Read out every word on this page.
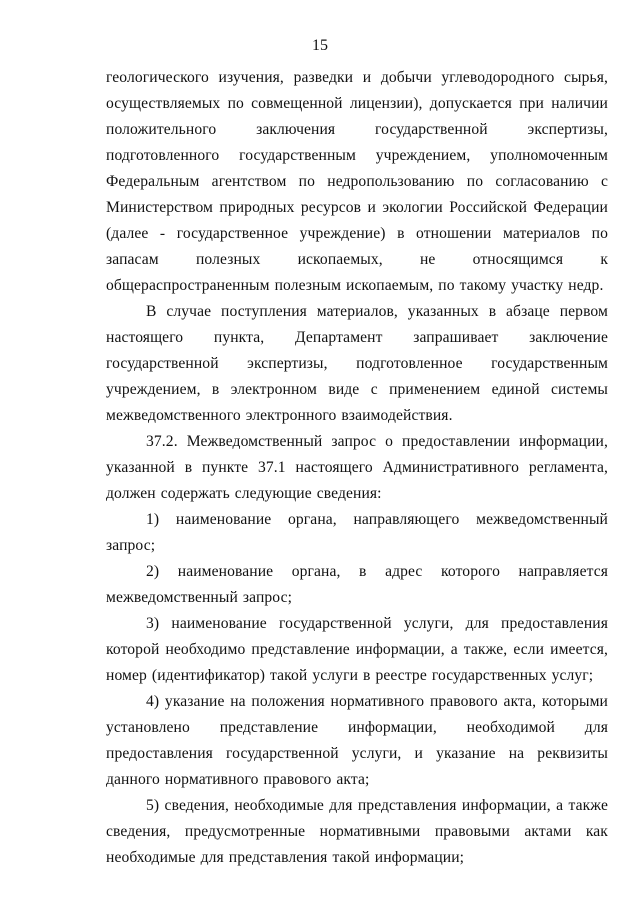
15

геологического изучения, разведки и добычи углеводородного сырья, осуществляемых по совмещенной лицензии), допускается при наличии положительного заключения государственной экспертизы, подготовленного государственным учреждением, уполномоченным Федеральным агентством по недропользованию по согласованию с Министерством природных ресурсов и экологии Российской Федерации (далее - государственное учреждение) в отношении материалов по запасам полезных ископаемых, не относящимся к общераспространенным полезным ископаемым, по такому участку недр.

В случае поступления материалов, указанных в абзаце первом настоящего пункта, Департамент запрашивает заключение государственной экспертизы, подготовленное государственным учреждением, в электронном виде с применением единой системы межведомственного электронного взаимодействия.

37.2. Межведомственный запрос о предоставлении информации, указанной в пункте 37.1 настоящего Административного регламента, должен содержать следующие сведения:

1) наименование органа, направляющего межведомственный запрос;

2) наименование органа, в адрес которого направляется межведомственный запрос;

3) наименование государственной услуги, для предоставления которой необходимо представление информации, а также, если имеется, номер (идентификатор) такой услуги в реестре государственных услуг;

4) указание на положения нормативного правового акта, которыми установлено представление информации, необходимой для предоставления государственной услуги, и указание на реквизиты данного нормативного правового акта;

5) сведения, необходимые для представления информации, а также сведения, предусмотренные нормативными правовыми актами как необходимые для представления такой информации;
